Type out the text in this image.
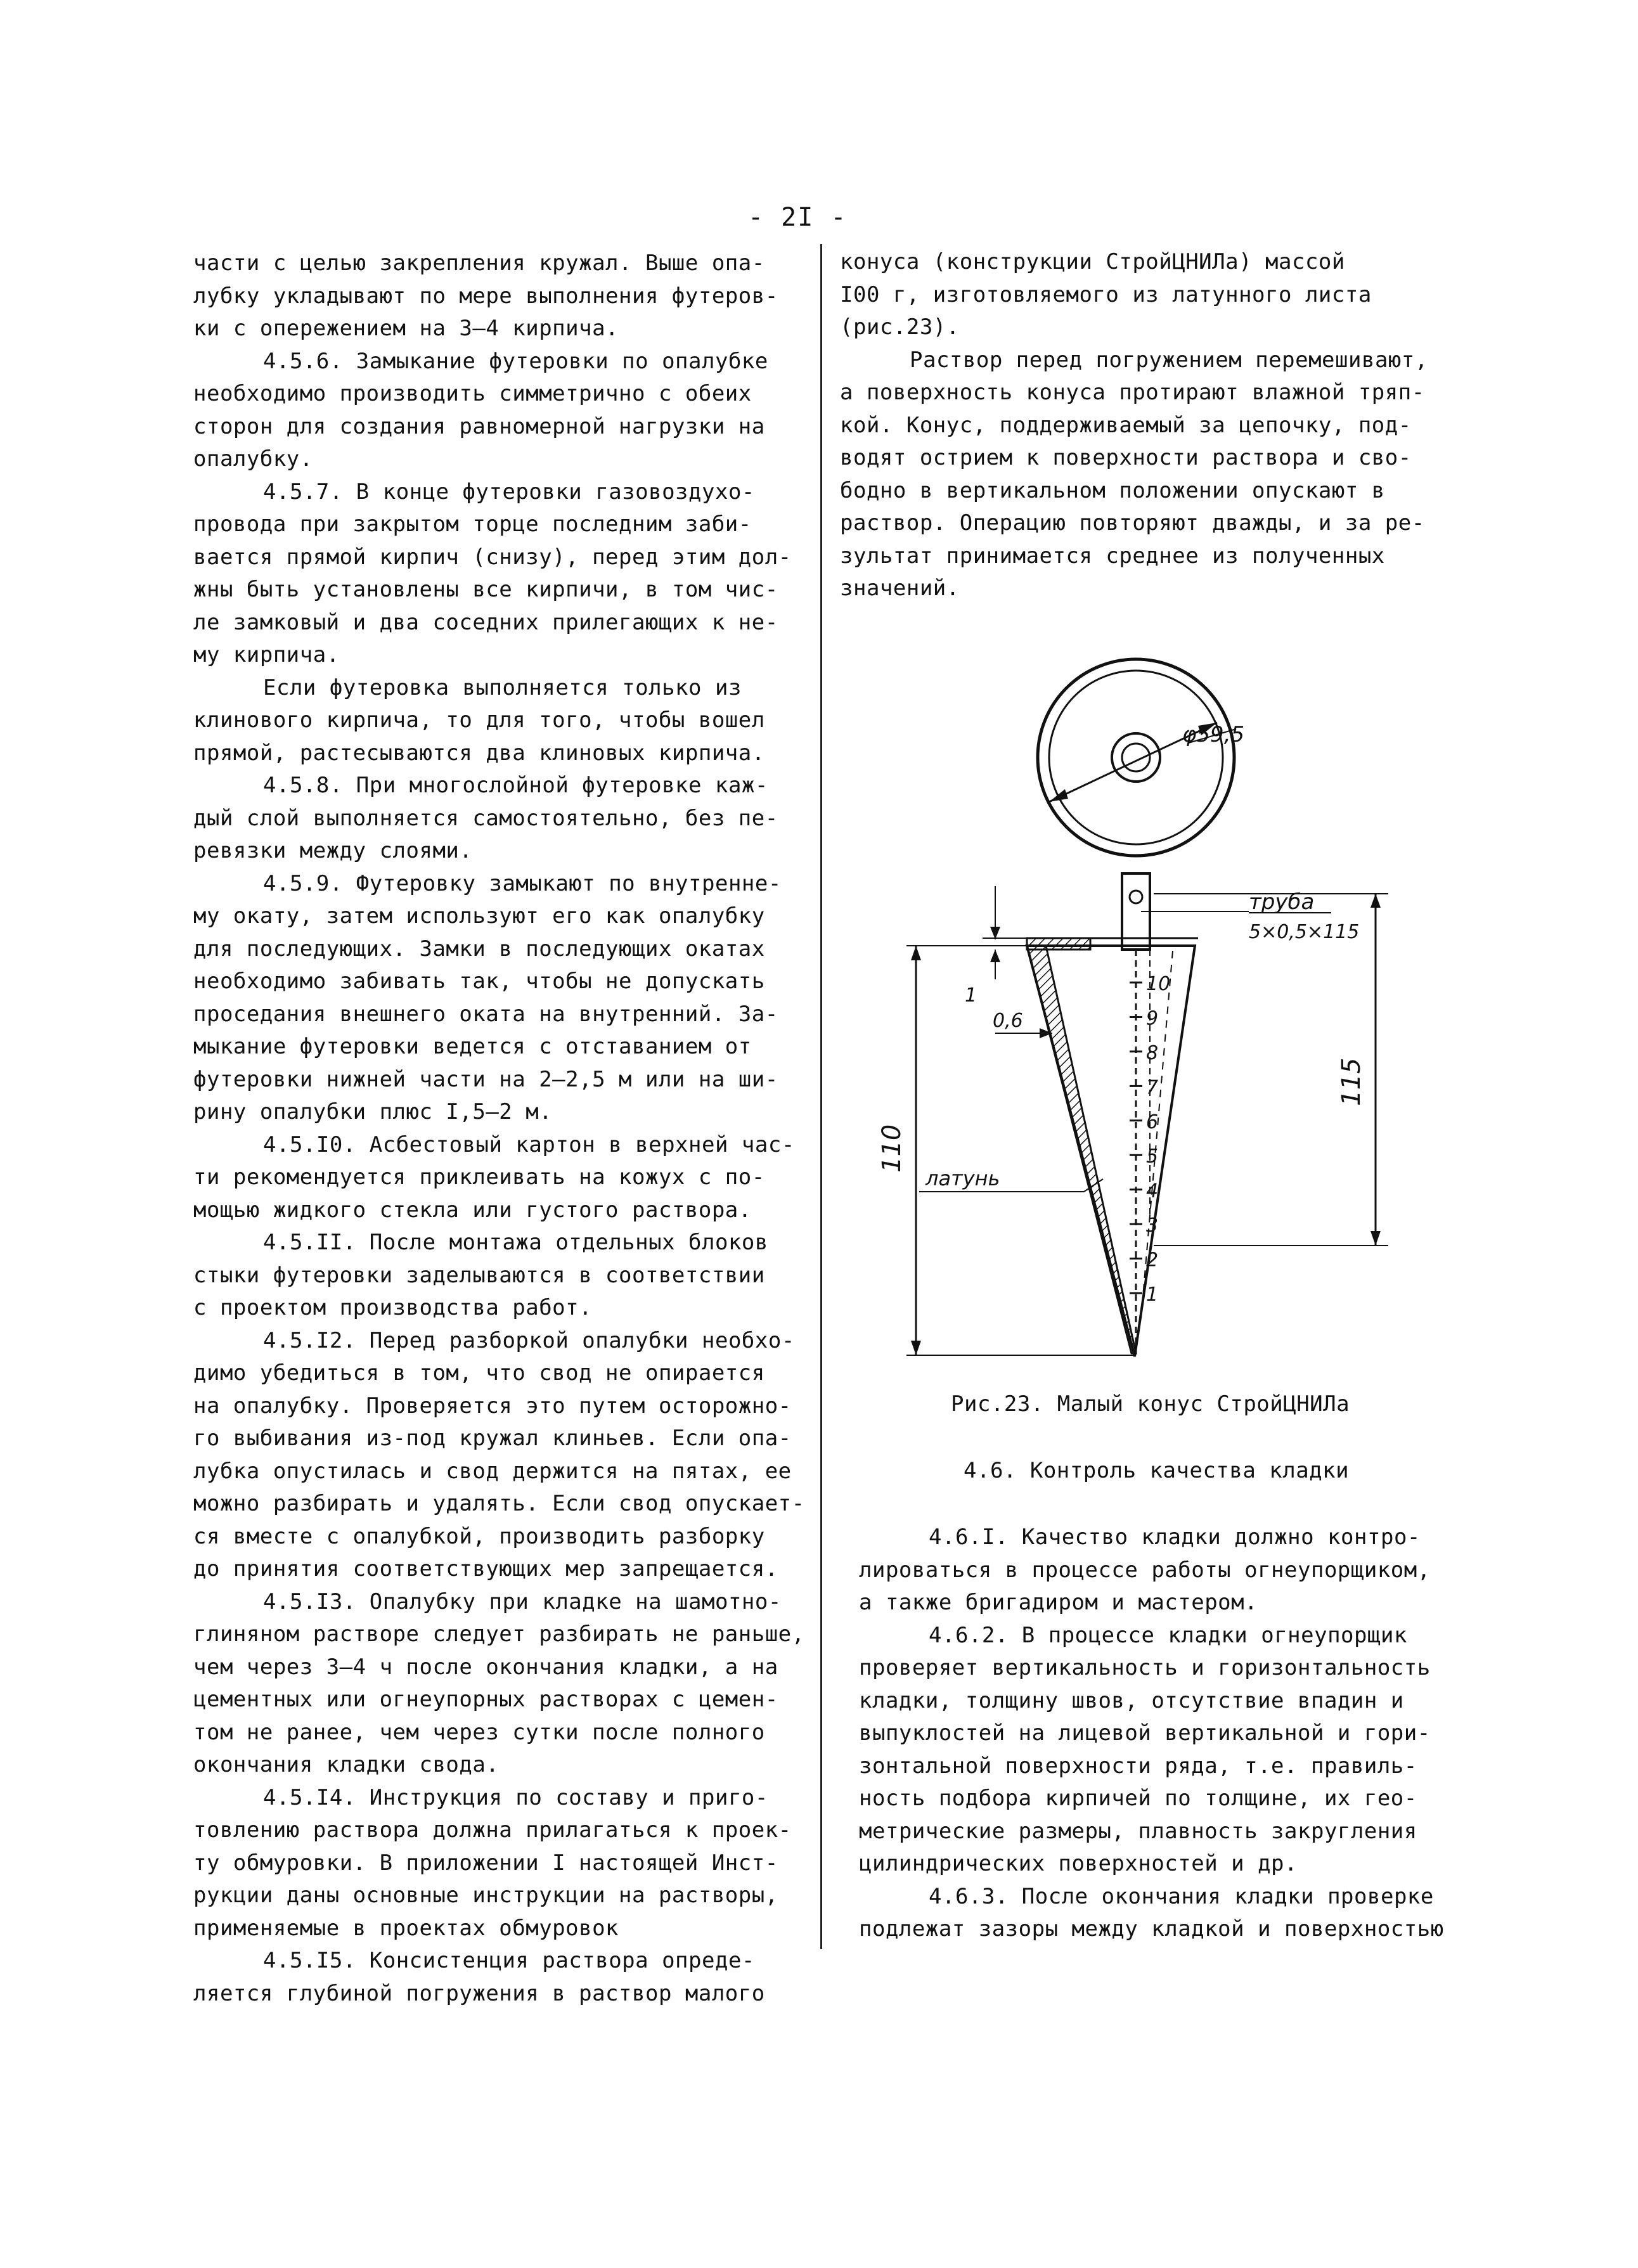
- 2I -
части с целью закрепления кружал. Выше опа-
лубку укладывают по мере выполнения футеров-
ки с опережением на 3–4 кирпича.
4.5.6. Замыкание футеровки по опалубке
необходимо производить симметрично с обеих
сторон для создания равномерной нагрузки на
опалубку.
4.5.7. В конце футеровки газовоздухо-
провода при закрытом торце последним заби-
вается прямой кирпич (снизу), перед этим дол-
жны быть установлены все кирпичи, в том чис-
ле замковый и два соседних прилегающих к не-
му кирпича.
Если футеровка выполняется только из
клинового кирпича, то для того, чтобы вошел
прямой, растесываются два клиновых кирпича.
4.5.8. При многослойной футеровке каж-
дый слой выполняется самостоятельно, без пе-
ревязки между слоями.
4.5.9. Футеровку замыкают по внутренне-
му окату, затем используют его как опалубку
для последующих. Замки в последующих окатах
необходимо забивать так, чтобы не допускать
проседания внешнего оката на внутренний. За-
мыкание футеровки ведется с отставанием от
футеровки нижней части на 2–2,5 м или на ши-
рину опалубки плюс I,5–2 м.
4.5.I0. Асбестовый картон в верхней час-
ти рекомендуется приклеивать на кожух с по-
мощью жидкого стекла или густого раствора.
4.5.II. После монтажа отдельных блоков
стыки футеровки заделываются в соответствии
с проектом производства работ.
4.5.I2. Перед разборкой опалубки необхо-
димо убедиться в том, что свод не опирается
на опалубку. Проверяется это путем осторожно-
го выбивания из-под кружал клиньев. Если опа-
лубка опустилась и свод держится на пятах, ее
можно разбирать и удалять. Если свод опускает-
ся вместе с опалубкой, производить разборку
до принятия соответствующих мер запрещается.
4.5.I3. Опалубку при кладке на шамотно-
глиняном растворе следует разбирать не раньше,
чем через 3–4 ч после окончания кладки, а на
цементных или огнеупорных растворах с цемен-
том не ранее, чем через сутки после полного
окончания кладки свода.
4.5.I4. Инструкция по составу и приго-
товлению раствора должна прилагаться к проек-
ту обмуровки. В приложении I настоящей Инст-
рукции даны основные инструкции на растворы,
применяемые в проектах обмуровок
4.5.I5. Консистенция раствора опреде-
ляется глубиной погружения в раствор малого
конуса (конструкции СтройЦНИЛа) массой
I00 г, изготовляемого из латунного листа
(рис.23).
Раствор перед погружением перемешивают,
а поверхность конуса протирают влажной тряп-
кой. Конус, поддерживаемый за цепочку, под-
водят острием к поверхности раствора и сво-
бодно в вертикальном положении опускают в
раствор. Операцию повторяют дважды, и за ре-
зультат принимается среднее из полученных
значений.
φ59,5
10
9
8
7
6
5
4
3
2
1
труба
5×0,5×115
0,6
1
латунь
110
115
Рис.23. Малый конус СтройЦНИЛа
4.6. Контроль качества кладки
4.6.I. Качество кладки должно контро-
лироваться в процессе работы огнеупорщиком,
а также бригадиром и мастером.
4.6.2. В процессе кладки огнеупорщик
проверяет вертикальность и горизонтальность
кладки, толщину швов, отсутствие впадин и
выпуклостей на лицевой вертикальной и гори-
зонтальной поверхности ряда, т.е. правиль-
ность подбора кирпичей по толщине, их гео-
метрические размеры, плавность закругления
цилиндрических поверхностей и др.
4.6.3. После окончания кладки проверке
подлежат зазоры между кладкой и поверхностью
